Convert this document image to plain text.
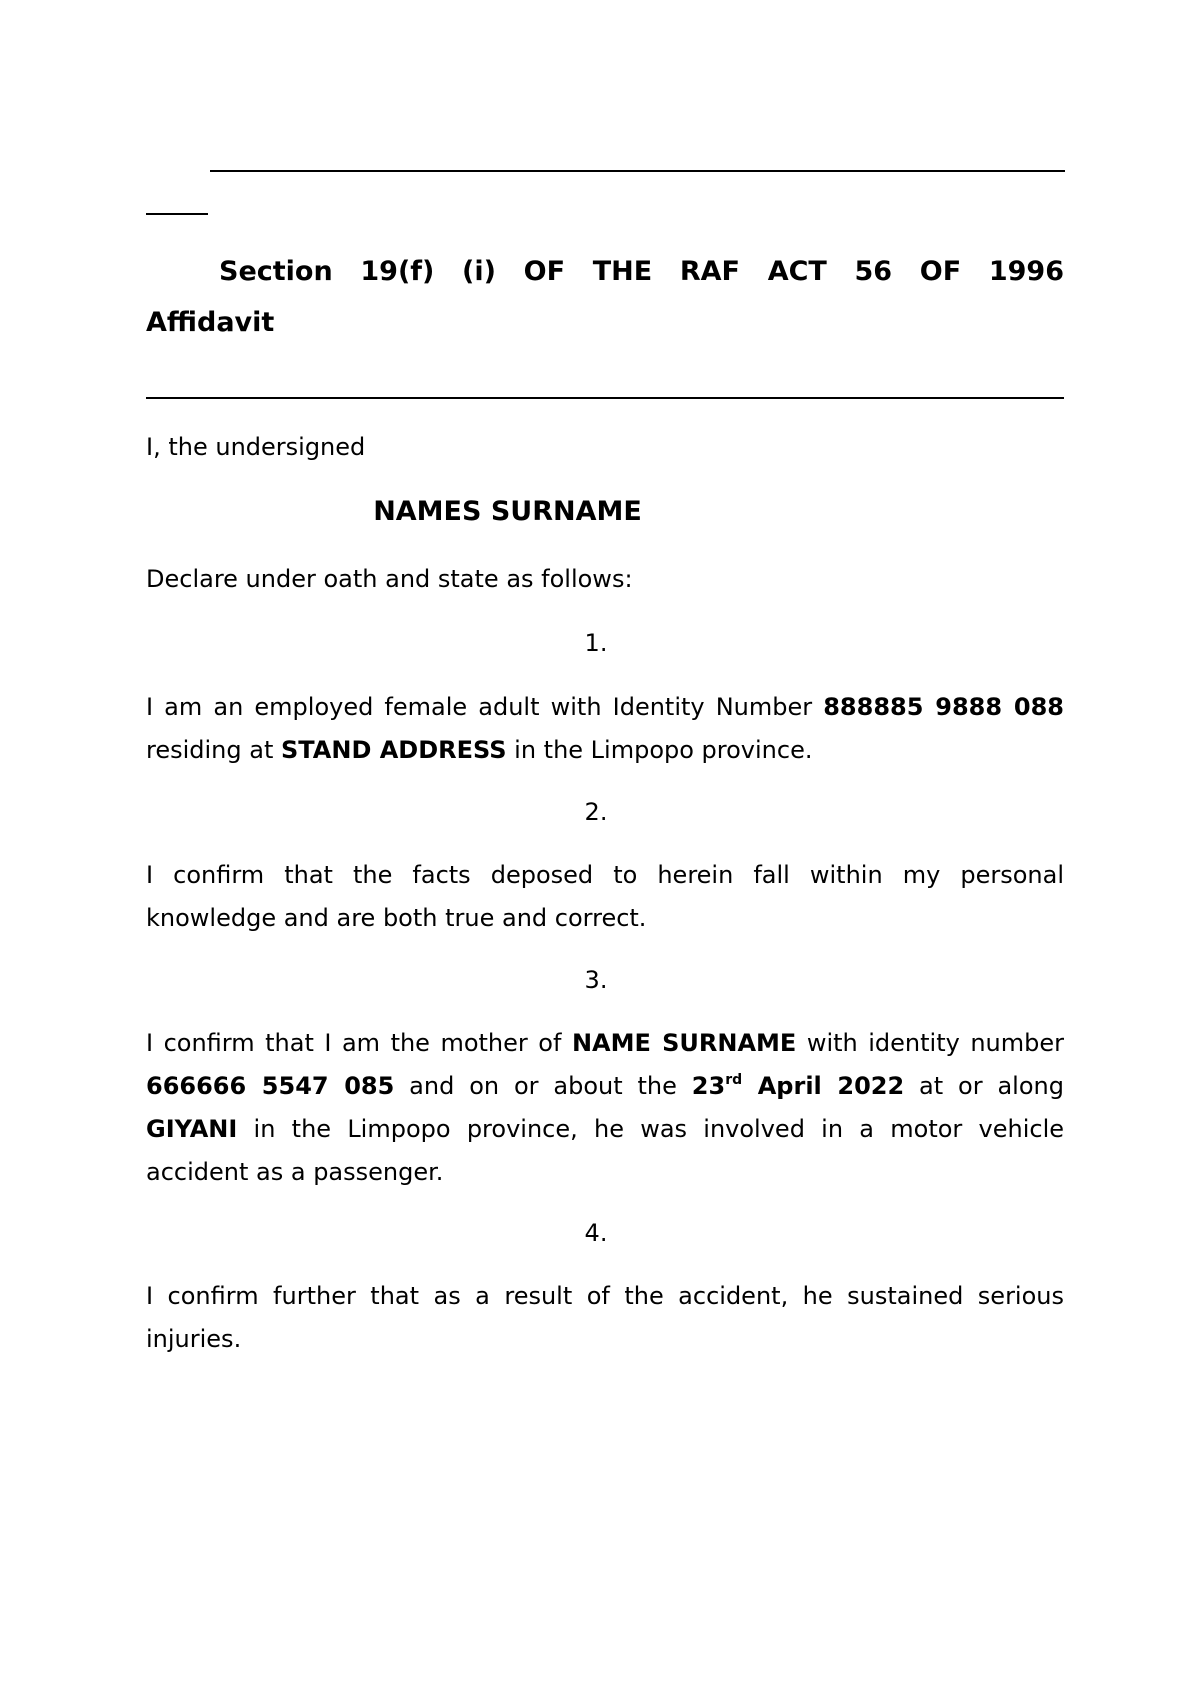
Section 19(f) (i) OF THE RAF ACT 56 OF 1996
Affidavit
I, the undersigned
NAMES SURNAME
Declare under oath and state as follows:
1.
I am an employed female adult with Identity Number 888885 9888 088 residing at STAND ADDRESS in the Limpopo province.
2.
I confirm that the facts deposed to herein fall within my personal knowledge and are both true and correct.
3.
I confirm that I am the mother of NAME SURNAME with identity number 666666 5547 085 and on or about the 23rd April 2022 at or along GIYANI in the Limpopo province, he was involved in a motor vehicle accident as a passenger.
4.
I confirm further that as a result of the accident, he sustained serious injuries.
